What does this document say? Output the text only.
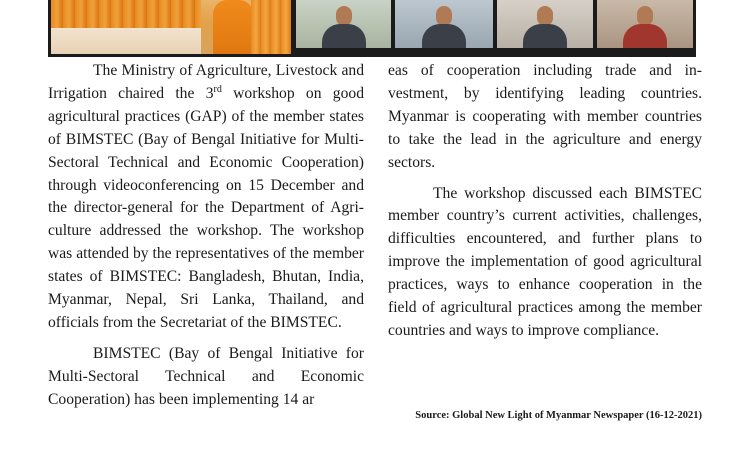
The Ministry of Agriculture, Livestock and Irrigation chaired the 3rd workshop on good agricultural practices (GAP) of the member states of BIMSTEC (Bay of Bengal Initiative for Multi-Sectoral Technical and Economic Cooperation) through videoconferencing on 15 December and the director-general for the Department of Agriculture addressed the workshop. The workshop was attended by the representatives of the member states of BIMSTEC: Bangladesh, Bhutan, India, Myanmar, Nepal, Sri Lanka, Thailand, and officials from the Secretariat of the BIMSTEC.

BIMSTEC (Bay of Bengal Initiative for Multi-Sectoral Technical and Economic Cooperation) has been implementing 14 ar

eas of cooperation including trade and investment, by identifying leading countries. Myanmar is cooperating with member countries to take the lead in the agriculture and energy sectors.

The workshop discussed each BIMSTEC member country’s current activities, challenges, difficulties encountered, and further plans to improve the implementation of good agricultural practices, ways to enhance cooperation in the field of agricultural practices among the member countries and ways to improve compliance.

Source: Global New Light of Myanmar Newspaper (16-12-2021)
